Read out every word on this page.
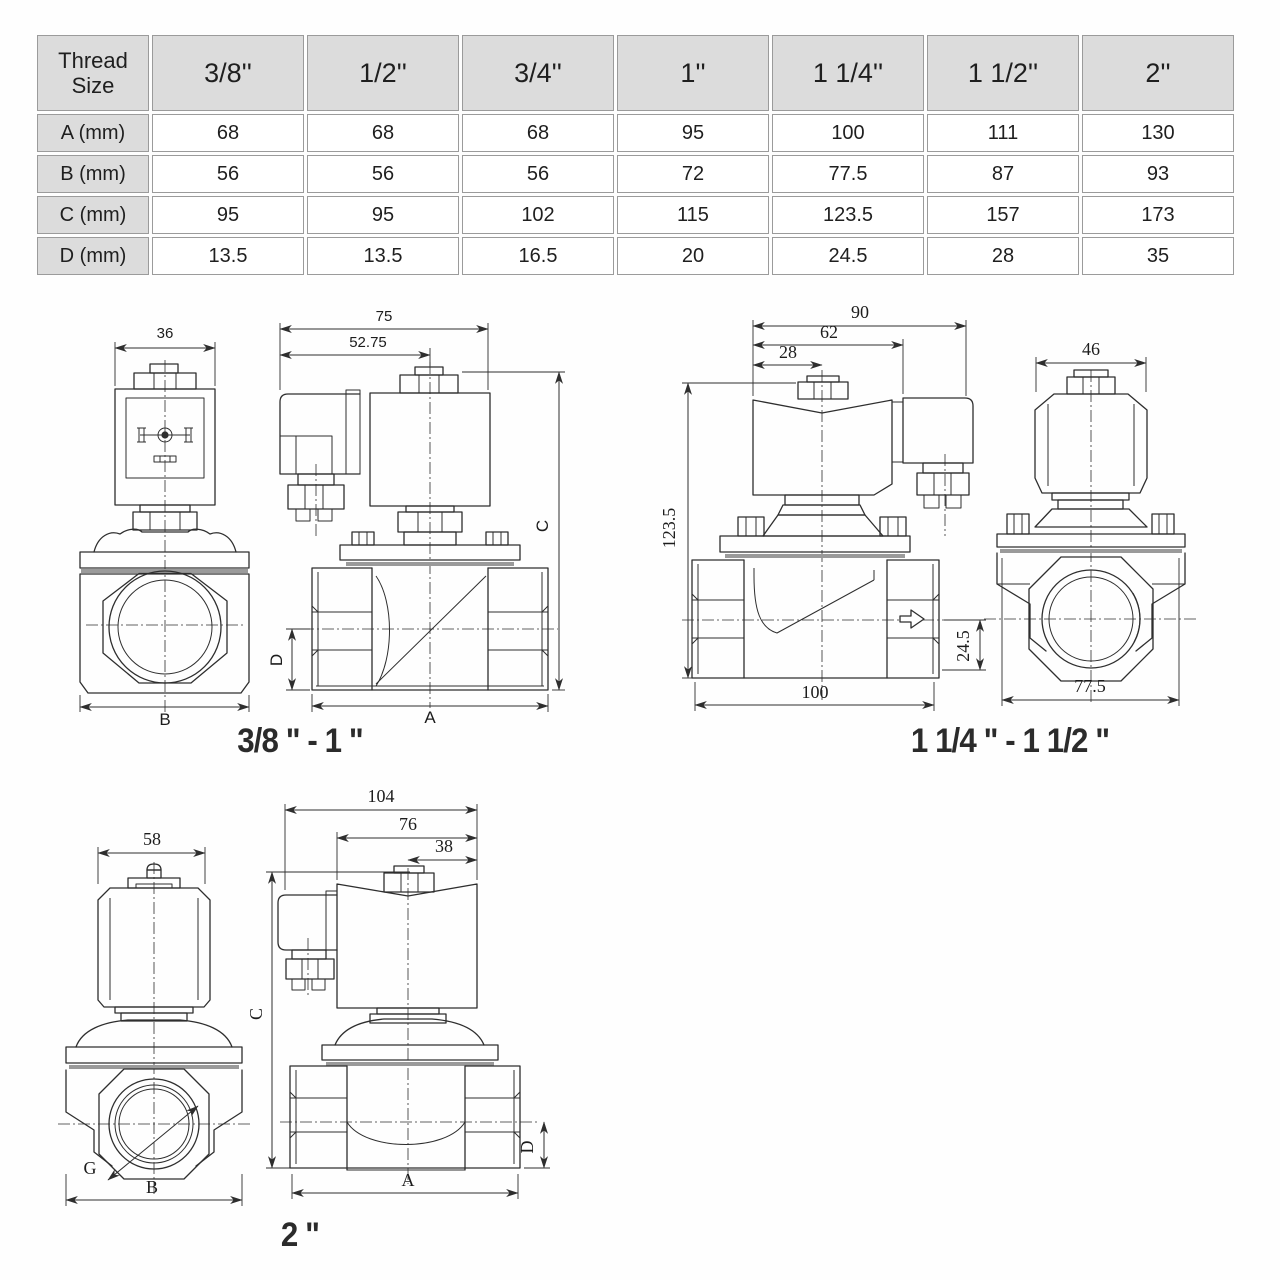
Thread Size	3/8''	1/2''	3/4''	1''	1 1/4''	1 1/2''	2''
A (mm)	68	68	68	95	100	111	130
B (mm)	56	56	56	72	77.5	87	93
C (mm)	95	95	102	115	123.5	157	173
D (mm)	13.5	13.5	16.5	20	24.5	28	35
36
B
75
52.75
C
D
A
3/8 " - 1 "
90
62
28
123.5
24.5
100
46
77.5
1 1/4 " - 1 1/2 "
G
58
B
104
76
38
C
A
D
2 "
